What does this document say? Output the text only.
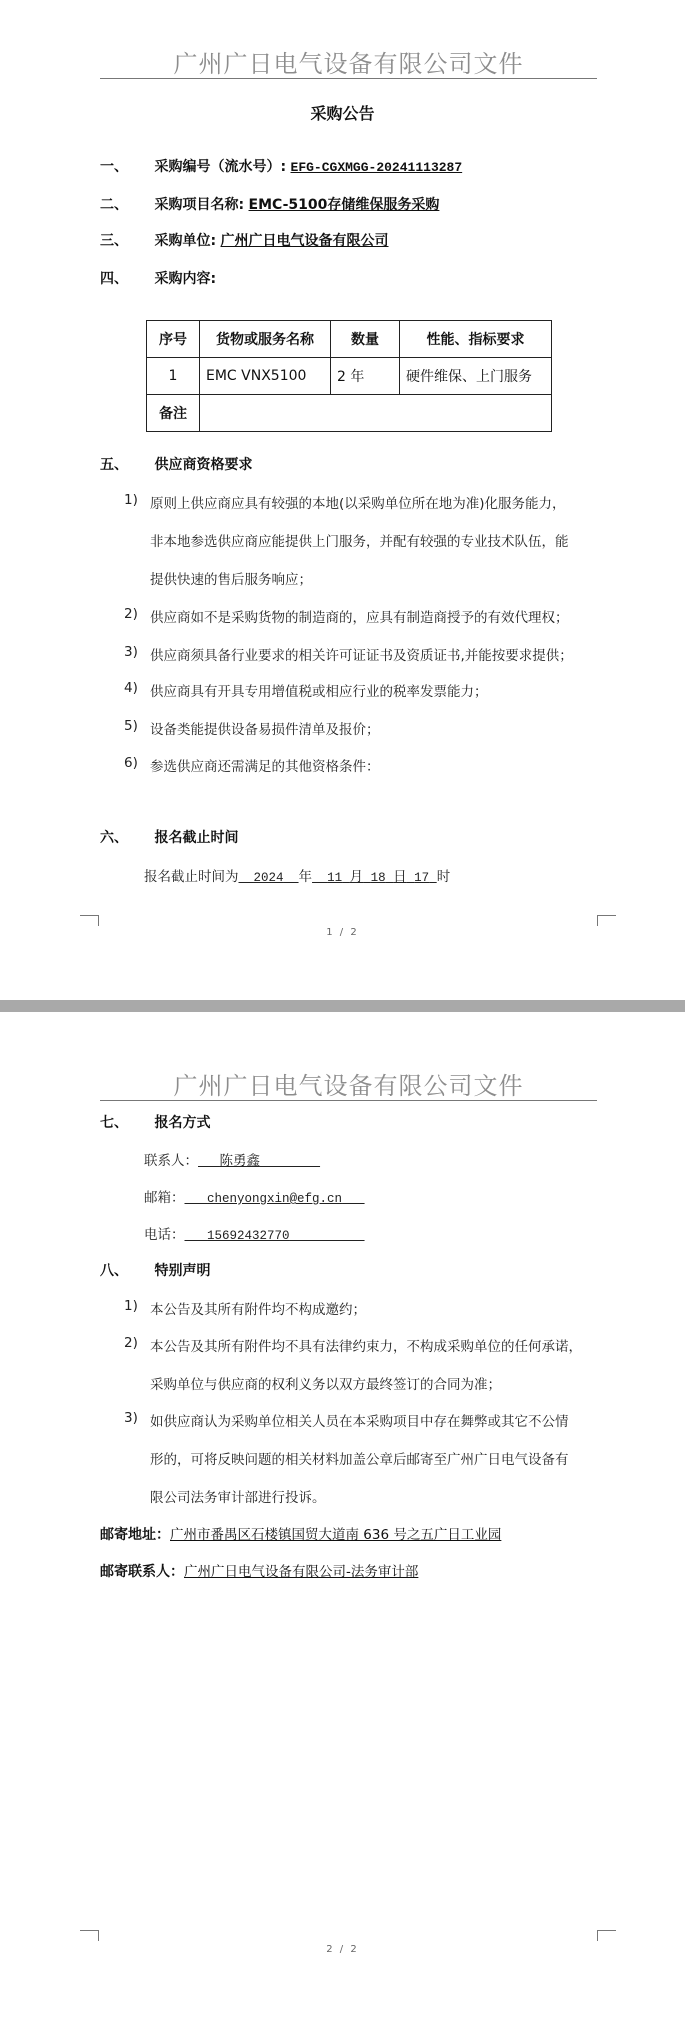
广州广日电气设备有限公司文件
采购公告
一、 采购编号（流水号）: EFG-CGXMGG-20241113287
二、 采购项目名称: EMC-5100存储维保服务采购
三、 采购单位: 广州广日电气设备有限公司
四、 采购内容:
序号	货物或服务名称	数量	性能、指标要求
1	EMC VNX5100	2 年	硬件维保、上门服务
备注			
五、 供应商资格要求
1) 原则上供应商应具有较强的本地(以采购单位所在地为准)化服务能力，
非本地参选供应商应能提供上门服务，并配有较强的专业技术队伍，能
提供快速的售后服务响应；
2) 供应商如不是采购货物的制造商的，应具有制造商授予的有效代理权；
3) 供应商须具备行业要求的相关许可证证书及资质证书,并能按要求提供；
4) 供应商具有开具专用增值税或相应行业的税率发票能力；
5) 设备类能提供设备易损件清单及报价；
6) 参选供应商还需满足的其他资格条件：
六、 报名截止时间
报名截止时间为 2024 年 11 月 18 日 17 时
1 / 2
广州广日电气设备有限公司文件
七、 报名方式
联系人： 陈勇鑫
邮箱： chenyongxin@efg.cn
电话： 15692432770
八、 特别声明
1) 本公告及其所有附件均不构成邀约；
2) 本公告及其所有附件均不具有法律约束力，不构成采购单位的任何承诺，
采购单位与供应商的权利义务以双方最终签订的合同为准；
3) 如供应商认为采购单位相关人员在本采购项目中存在舞弊或其它不公情
形的，可将反映问题的相关材料加盖公章后邮寄至广州广日电气设备有
限公司法务审计部进行投诉。
邮寄地址：广州市番禺区石楼镇国贸大道南 636 号之五广日工业园
邮寄联系人：广州广日电气设备有限公司-法务审计部
2 / 2
